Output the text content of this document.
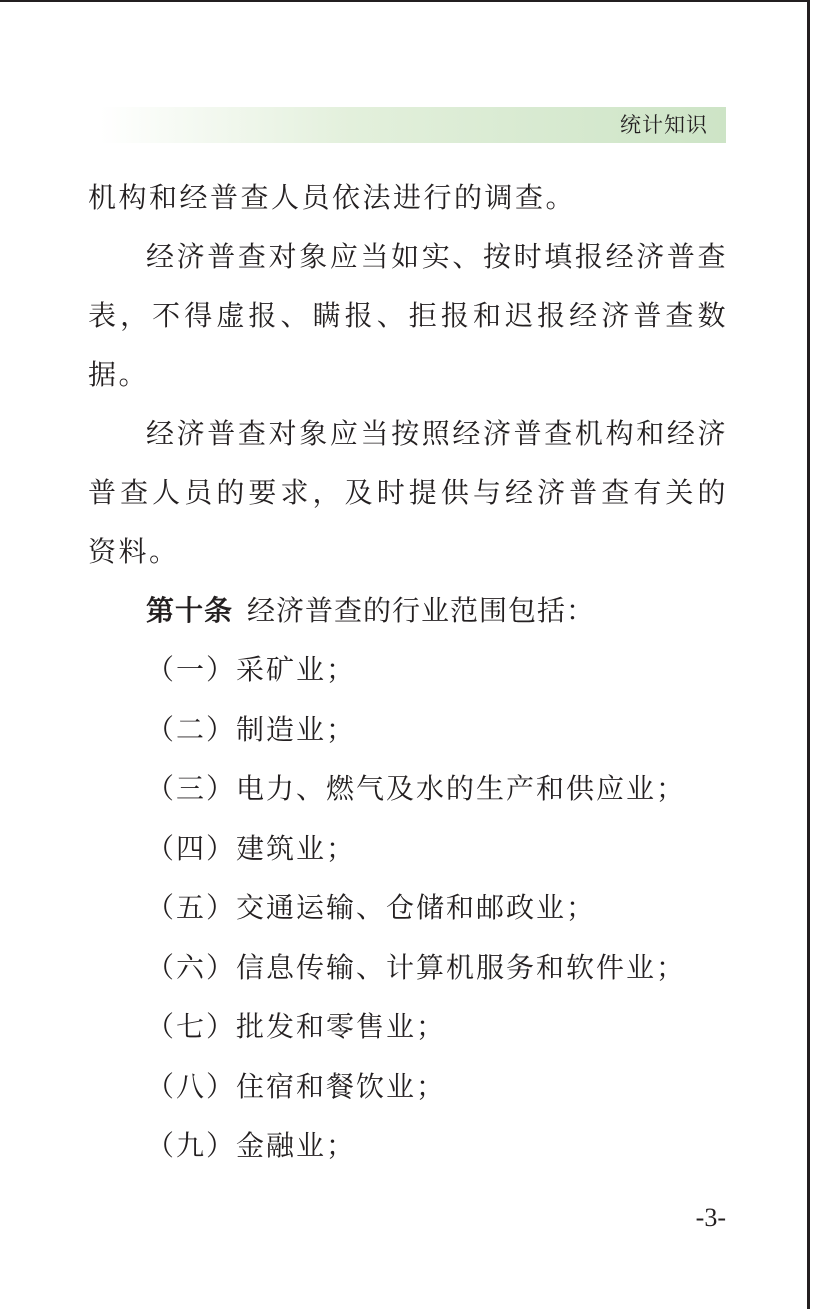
统计知识

机构和经普查人员依法进行的调查。

经济普查对象应当如实、按时填报经济普查表，不得虚报、瞒报、拒报和迟报经济普查数据。

经济普查对象应当按照经济普查机构和经济普查人员的要求，及时提供与经济普查有关的资料。

第十条 经济普查的行业范围包括：

（一）采矿业；
（二）制造业；
（三）电力、燃气及水的生产和供应业；
（四）建筑业；
（五）交通运输、仓储和邮政业；
（六）信息传输、计算机服务和软件业；
（七）批发和零售业；
（八）住宿和餐饮业；
（九）金融业；
-3-
